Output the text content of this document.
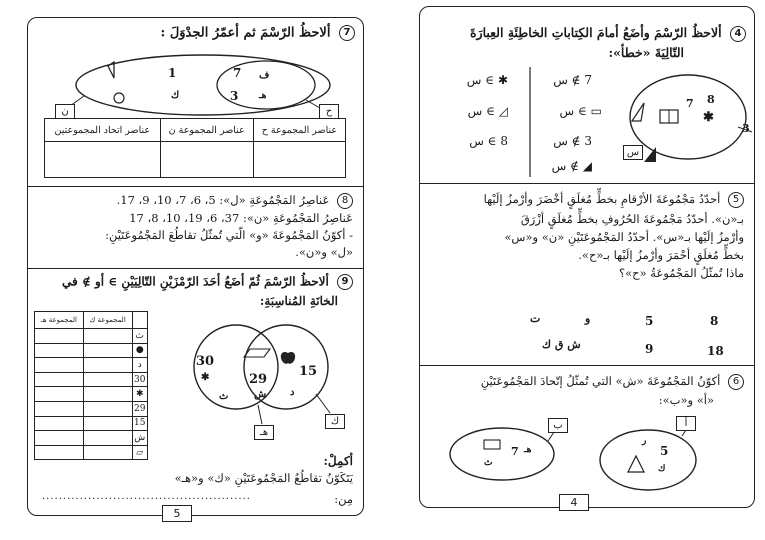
7 ألاحظُ الرّسْمَ ثم أعمّرُ الجدْوَلَ :
1
ك
7 ف
3 هـ
ن	ح
عناصر المجموعة ح	عناصر المجموعة ن	عناصر اتحاد المجموعتين

8 عَناصِرُ المَجْمُوعَةِ «ل»: 5، 6، 7، 10، 9، 17.
عَناصِرُ المَجْمُوعَةِ «ن»: 37، 6، 19، 10، 8، 17
- أكوّنُ المَجْمُوعَةَ «و» الّتي تُمثّلُ تقاطُعَ المَجْمُوعَتَيْنِ:
«ل» و«ن».
9 ألاحظُ الرّسْمَ ثُمّ أضَعُ أحَدَ الرّمْزَيْنِ التّالِيَيْنِ ∋ أو ∌ في
الخانَةِ المُناسِبَةِ:
	المجموعة ك	المجموعة هـ
ث		
●		
د		
30		
✱		
29		
15		
ش		
▱		
30
✱
ث
29
ش
15
د
ك
هـ
أكمِلْ:
يَتَكَوّنُ تقاطُعُ المَجْمُوعَتَيْنِ «ك» و«هـ»
مِن:
..................................................
5
4 ألاحظُ الرّسْمَ وأضَعُ أمامَ الكِتاباتِ الخاطِئَةِ العِبارَةَ
التّالِيَةَ «خطأ»:
7 8
✱
3
س
✱ ∋ س
◿ ∋ س
8 ∋ س
7 ∌ س
▭ ∋ س
3 ∌ س
◢ ∌ س
5 أحدّدُ مَجْمُوعَةَ الأرْقامِ بخطٍّ مُغلَقٍ أخْضَرَ وأرْمزُ إلَيْها
بـ«ن». أحدّدُ مَجْمُوعَةَ الحُرُوفِ بخطٍّ مُغلَقٍ أزْرَقَ
وأرْمزُ إلَيْها بـ«س». أحدّدُ المَجْمُوعَتَيْنِ «ن» و«س»
بخطٍّ مُغلَقٍ أحْمَرَ وأرْمزُ إلَيْها بـ«ح».
ماذا تُمثّلُ المَجْمُوعَةُ «ح»؟
8
5
و
ت
18
9
ش ق ك
6 أكوّنُ المَجْمُوعَةَ «ش» التي تُمثّلُ إتّحادَ المَجْمُوعَتَيْنِ
«أ» و«ب»:
أ
ب
5
ر
ك
7 هـ
ث
4
